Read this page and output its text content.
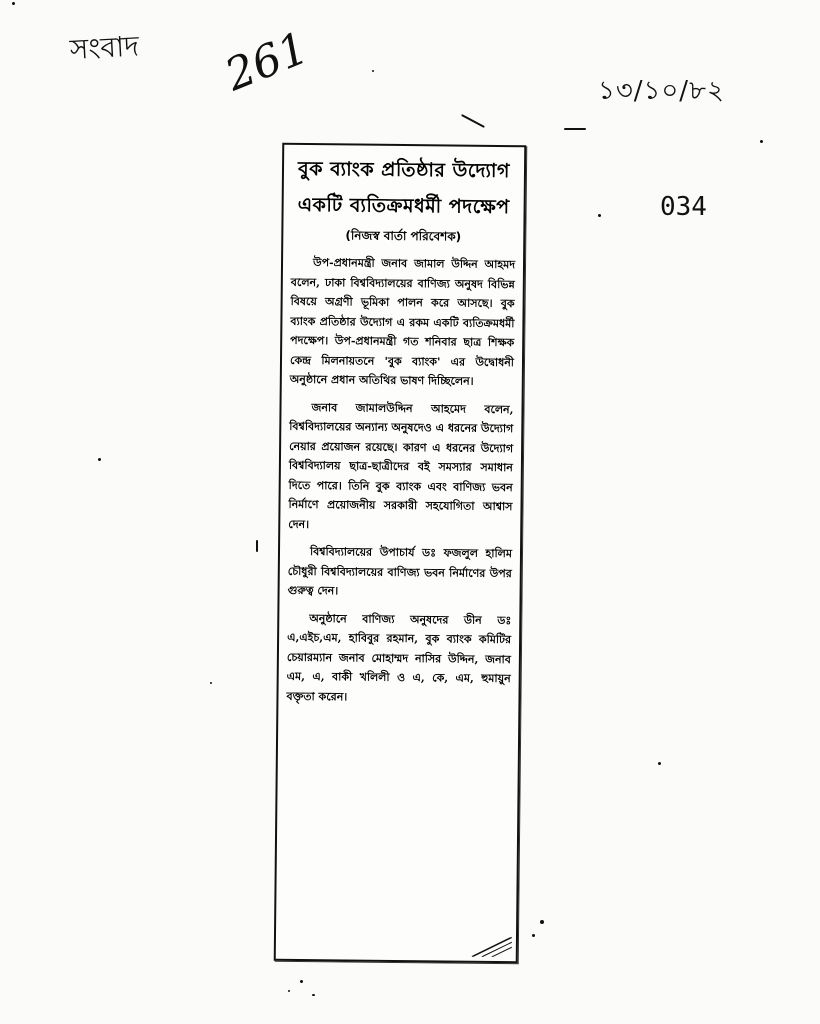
সংবাদ 261	১৩/১০/৮২
034
বুক ব্যাংক প্রতিষ্ঠার উদ্যোগ একটি ব্যতিক্রমধর্মী পদক্ষেপ
(নিজস্ব বার্তা পরিবেশক)

উপ-প্রধানমন্ত্রী জনাব জামাল উদ্দিন আহমদ বলেন, ঢাকা বিশ্ববিদ্যালয়ের বাণিজ্য অনুষদ বিভিন্ন বিষয়ে অগ্রণী ভূমিকা পালন করে আসছে। বুক ব্যাংক প্রতিষ্ঠার উদ্যোগ এ রকম একটি ব্যতিক্রমধর্মী পদক্ষেপ। উপ-প্রধানমন্ত্রী গত শনিবার ছাত্র শিক্ষক কেন্দ্র মিলনায়তনে 'বুক ব্যাংক' এর উদ্বোধনী অনুষ্ঠানে প্রধান অতিথির ভাষণ দিচ্ছিলেন।

জনাব জামালউদ্দিন আহমেদ বলেন, বিশ্ববিদ্যালয়ের অন্যান্য অনুষদেও এ ধরনের উদ্যোগ নেয়ার প্রয়োজন রয়েছে। কারণ এ ধরনের উদ্যোগ বিশ্ববিদ্যালয় ছাত্র-ছাত্রীদের বই সমস্যার সমাধান দিতে পারে। তিনি বুক ব্যাংক এবং বাণিজ্য ভবন নির্মাণে প্রয়োজনীয় সরকারী সহযোগিতা আশ্বাস দেন।

বিশ্ববিদ্যালয়ের উপাচার্য ডঃ ফজলুল হালিম চৌধুরী বিশ্ববিদ্যালয়ের বাণিজ্য ভবন নির্মাণের উপর গুরুত্ব দেন।

অনুষ্ঠানে বাণিজ্য অনুষদের ডীন ডঃ এ,এইচ,এম, হাবিবুর রহমান, বুক ব্যাংক কমিটির চেয়ারম্যান জনাব মোহাম্মদ নাসির উদ্দিন, জনাব এম, এ, বাকী খলিলী ও এ, কে, এম, হুমায়ুন বক্তৃতা করেন।
